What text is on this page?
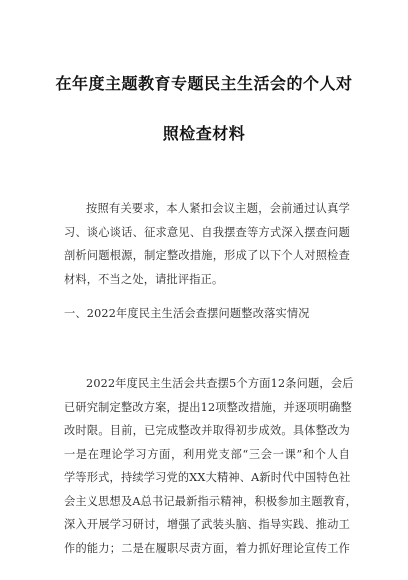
在年度主题教育专题民主生活会的个人对
照检查材料
按照有关要求，本人紧扣会议主题，会前通过认真学
习、谈心谈话、征求意见、自我摆查等方式深入摆查问题
剖析问题根源，制定整改措施，形成了以下个人对照检查
材料，不当之处，请批评指正。
一、2022年度民主生活会查摆问题整改落实情况
2022年度民主生活会共查摆5个方面12条问题，会后
已研究制定整改方案，提出12项整改措施，并逐项明确整
改时限。目前，已完成整改并取得初步成效。具体整改为
一是在理论学习方面，利用党支部“三会一课”和个人自
学等形式，持续学习党的XX大精神、A新时代中国特色社
会主义思想及A总书记最新指示精神，积极参加主题教育，
深入开展学习研讨，增强了武装头脑、指导实践、推动工
作的能力；二是在履职尽责方面，着力抓好理论宣传工作
